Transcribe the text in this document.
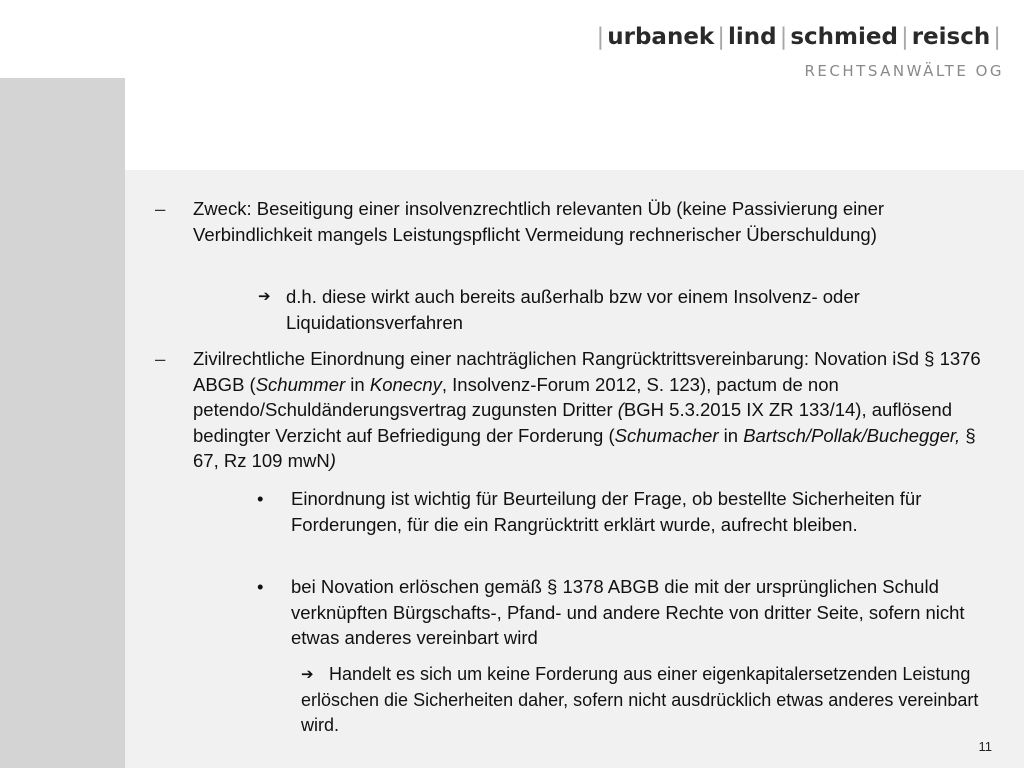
| urbanek | lind | schmied | reisch |
RECHTSANWÄLTE OG
– Zweck: Beseitigung einer insolvenzrechtlich relevanten Üb (keine Passivierung einer Verbindlichkeit mangels Leistungspflicht Vermeidung rechnerischer Überschuldung)
➔ d.h. diese wirkt auch bereits außerhalb bzw vor einem Insolvenz- oder Liquidationsverfahren
– Zivilrechtliche Einordnung einer nachträglichen Rangrücktrittsvereinbarung: Novation iSd § 1376 ABGB (Schummer in Konecny, Insolvenz-Forum 2012, S. 123), pactum de non petendo/Schuldänderungsvertrag zugunsten Dritter (BGH 5.3.2015 IX ZR 133/14), auflösend bedingter Verzicht auf Befriedigung der Forderung (Schumacher in Bartsch/Pollak/Buchegger, § 67, Rz 109 mwN)
• Einordnung ist wichtig für Beurteilung der Frage, ob bestellte Sicherheiten für Forderungen, für die ein Rangrücktritt erklärt wurde, aufrecht bleiben.
• bei Novation erlöschen gemäß § 1378 ABGB die mit der ursprünglichen Schuld verknüpften Bürgschafts-, Pfand- und andere Rechte von dritter Seite, sofern nicht etwas anderes vereinbart wird
➔ Handelt es sich um keine Forderung aus einer eigenkapitalersetzenden Leistung erlöschen die Sicherheiten daher, sofern nicht ausdrücklich etwas anderes vereinbart wird.
11
